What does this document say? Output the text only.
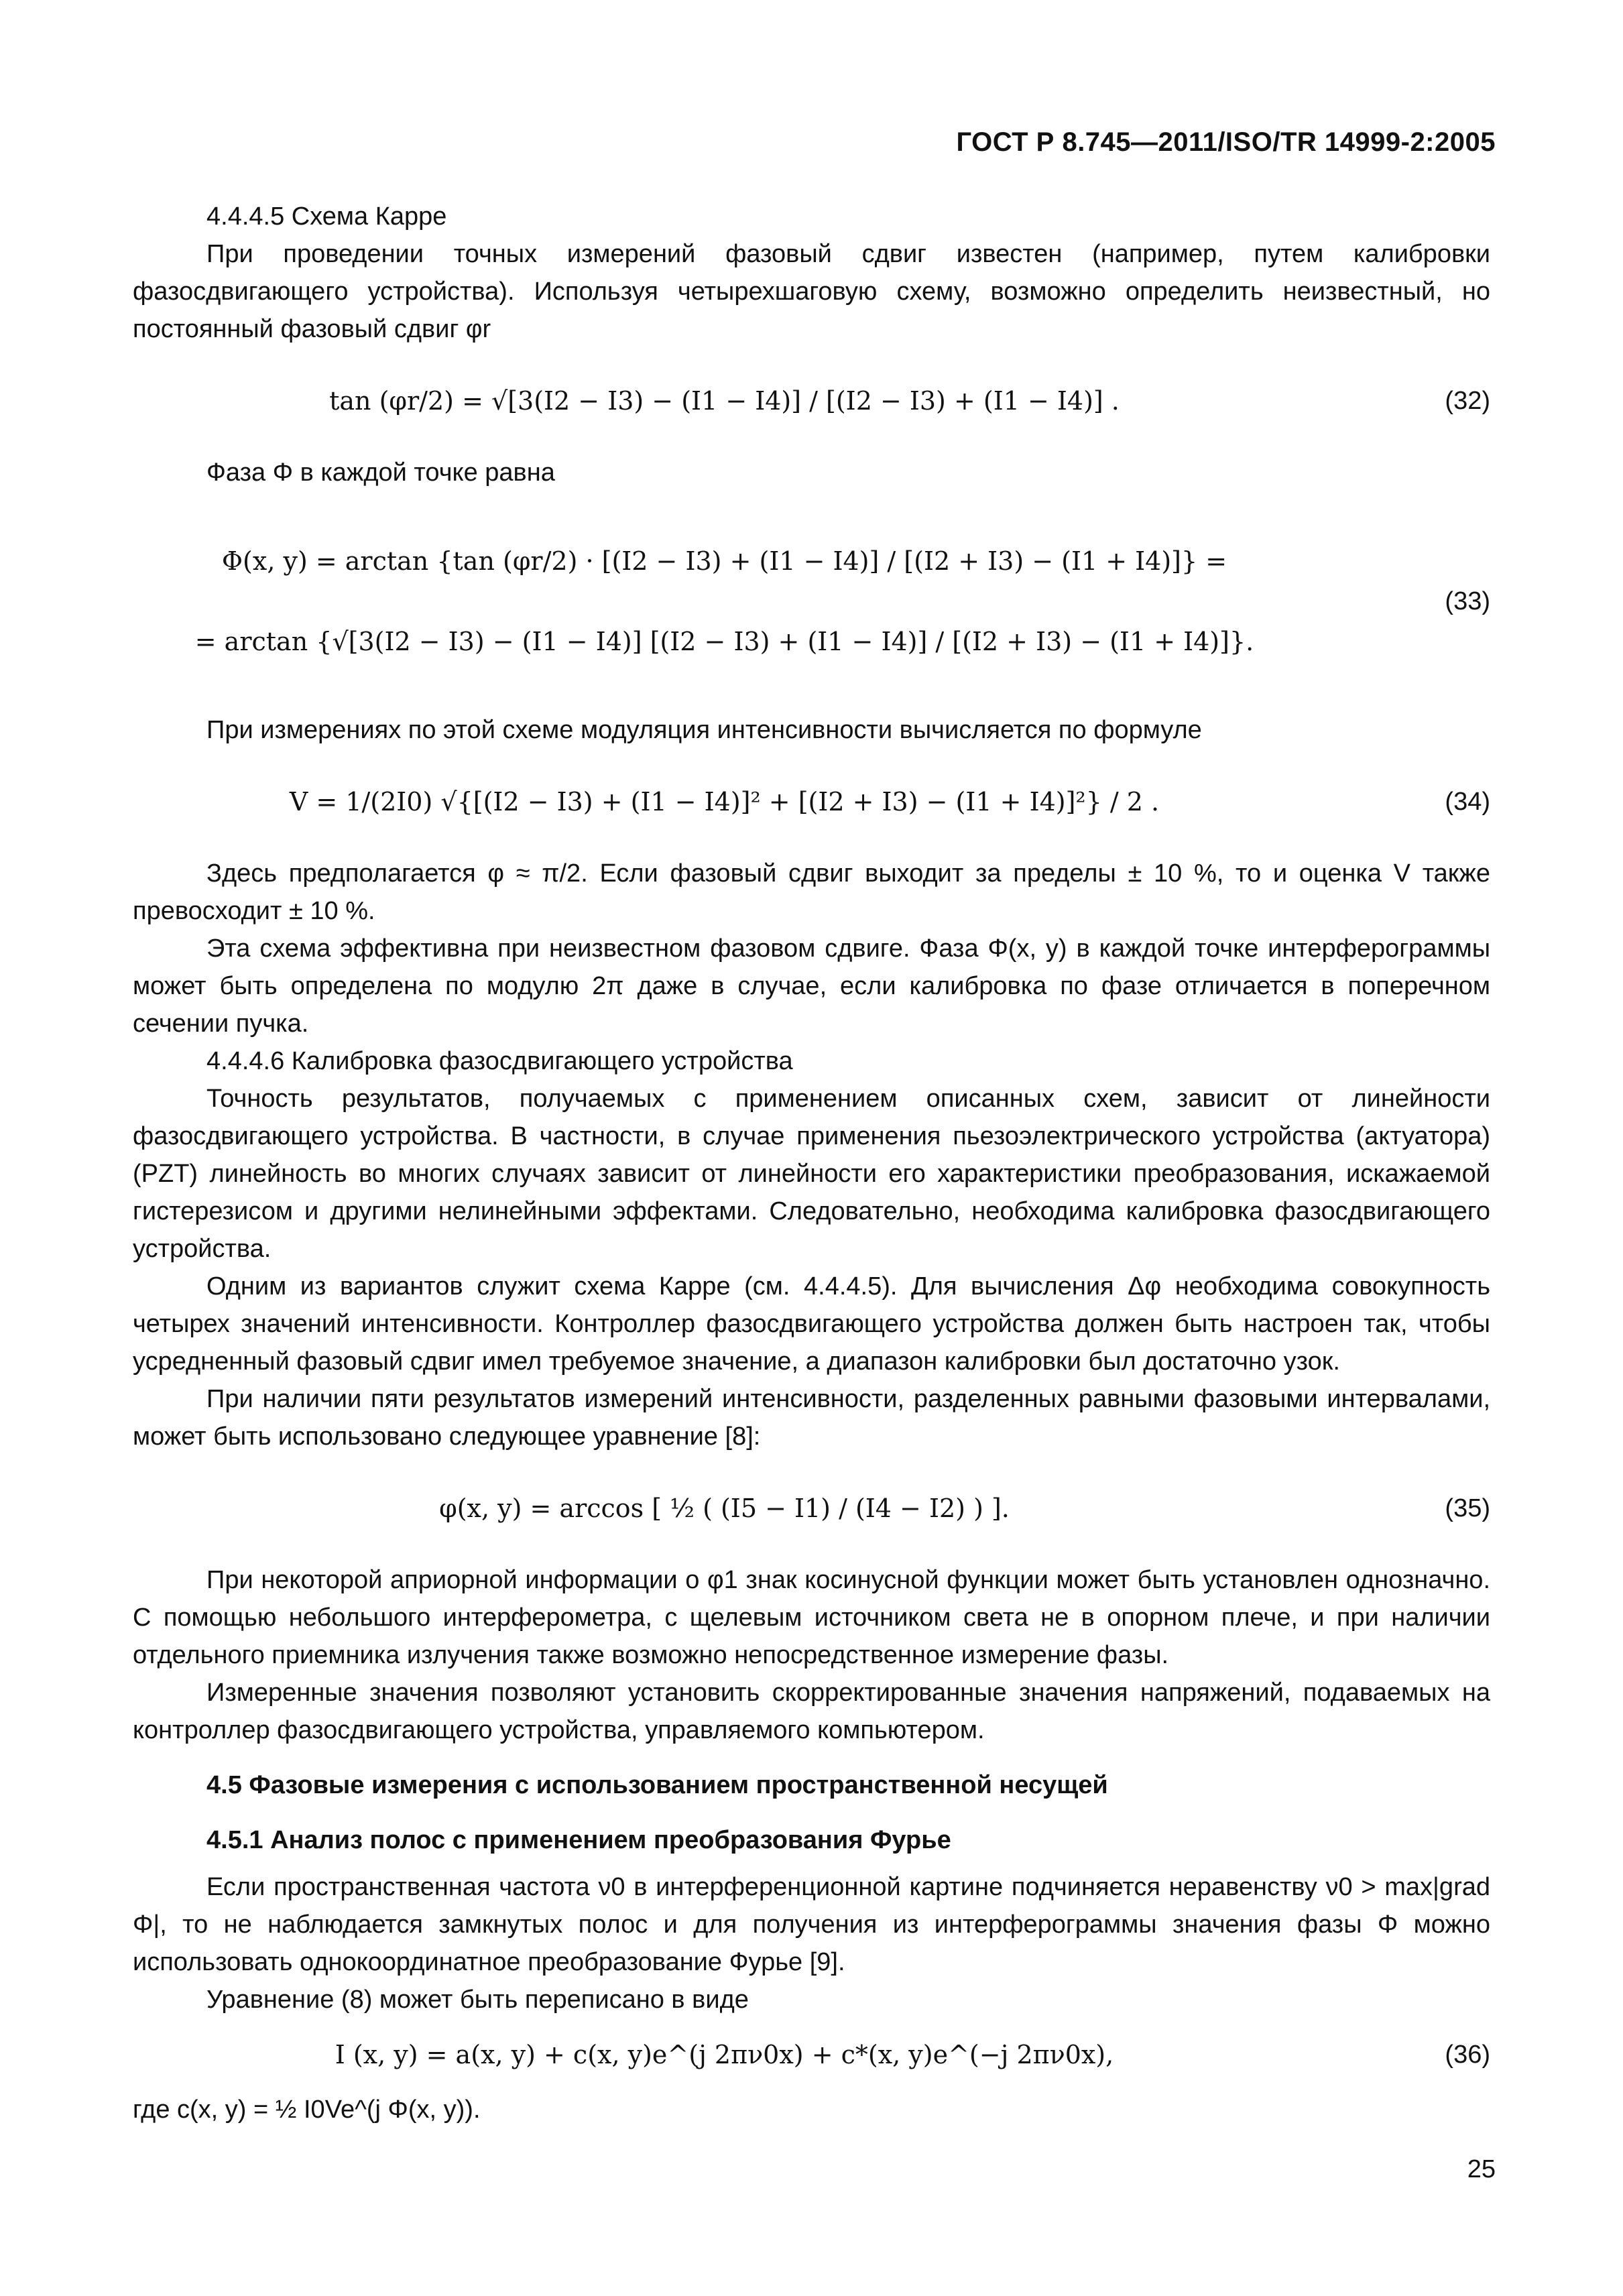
ГОСТ Р 8.745—2011/ISO/TR 14999-2:2005

4.4.4.5 Схема Карре

При проведении точных измерений фазовый сдвиг известен (например, путем калибровки фазосдвигающего устройства). Используя четырехшаговую схему, возможно определить неизвестный, но постоянный фазовый сдвиг φr

tan (φr/2) = √[3(I2 − I3) − (I1 − I4)] / [(I2 − I3) + (I1 − I4)] .	(32)

Фаза Φ в каждой точке равна

Φ(x, y) = arctan {tan (φr/2) · [(I2 − I3) + (I1 − I4)] / [(I2 + I3) − (I1 + I4)]} =
= arctan {√[3(I2 − I3) − (I1 − I4)] [(I2 − I3) + (I1 − I4)] / [(I2 + I3) − (I1 + I4)]}.
(33)

При измерениях по этой схеме модуляция интенсивности вычисляется по формуле

V = 1/(2I0) √{[(I2 − I3) + (I1 − I4)]² + [(I2 + I3) − (I1 + I4)]²} / 2 .	(34)

Здесь предполагается φ ≈ π/2. Если фазовый сдвиг выходит за пределы ± 10 %, то и оценка V также превосходит ± 10 %.

Эта схема эффективна при неизвестном фазовом сдвиге. Фаза Φ(x, y) в каждой точке интерферограммы может быть определена по модулю 2π даже в случае, если калибровка по фазе отличается в поперечном сечении пучка.

4.4.4.6 Калибровка фазосдвигающего устройства

Точность результатов, получаемых с применением описанных схем, зависит от линейности фазосдвигающего устройства. В частности, в случае применения пьезоэлектрического устройства (актуатора) (PZT) линейность во многих случаях зависит от линейности его характеристики преобразования, искажаемой гистерезисом и другими нелинейными эффектами. Следовательно, необходима калибровка фазосдвигающего устройства.

Одним из вариантов служит схема Карре (см. 4.4.4.5). Для вычисления Δφ необходима совокупность четырех значений интенсивности. Контроллер фазосдвигающего устройства должен быть настроен так, чтобы усредненный фазовый сдвиг имел требуемое значение, а диапазон калибровки был достаточно узок.

При наличии пяти результатов измерений интенсивности, разделенных равными фазовыми интервалами, может быть использовано следующее уравнение [8]:

φ(x, y) = arccos [ ½ ( (I5 − I1) / (I4 − I2) ) ].	(35)

При некоторой априорной информации о φ1 знак косинусной функции может быть установлен однозначно. С помощью небольшого интерферометра, с щелевым источником света не в опорном плече, и при наличии отдельного приемника излучения также возможно непосредственное измерение фазы.

Измеренные значения позволяют установить скорректированные значения напряжений, подаваемых на контроллер фазосдвигающего устройства, управляемого компьютером.

4.5 Фазовые измерения с использованием пространственной несущей

4.5.1 Анализ полос с применением преобразования Фурье

Если пространственная частота ν0 в интерференционной картине подчиняется неравенству ν0 > max|grad Φ|, то не наблюдается замкнутых полос и для получения из интерферограммы значения фазы Φ можно использовать однокоординатное преобразование Фурье [9].

Уравнение (8) может быть переписано в виде

I (x, y) = a(x, y) + c(x, y)e^(j 2πν0x) + c*(x, y)e^(−j 2πν0x),	(36)

где c(x, y) = ½ I0Ve^(j Φ(x, y)).

25
